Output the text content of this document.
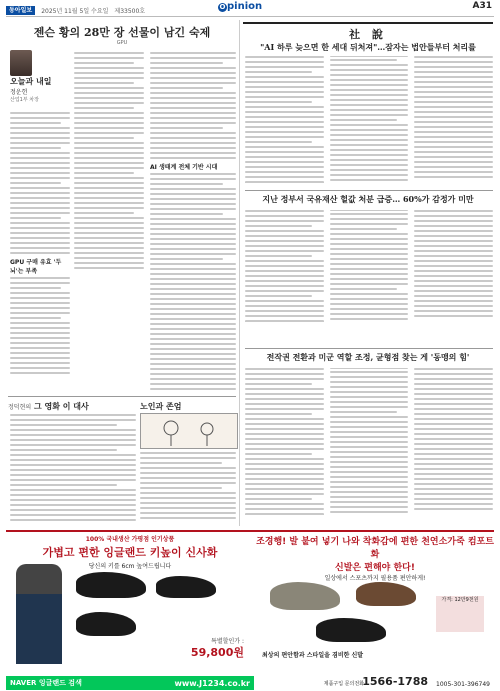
동아일보	2025년 11월 5일 수요일 제33500호	O pinion	A31
젠슨 황의 28만 장 선물이 남긴 숙제
GPU
오늘과 내일
정운헌
산업1부 차장
GPU 구매 유효 '두뇌'는 부족
AI 생태계 전체 기반 시대
정덕현의 그 영화 이 대사	노인과 존엄
社 說
"AI 하루 늦으면 한 세대 뒤처져"…잠자는 법안들부터 처리를
지난 정부서 국유재산 헐값 처분 급증… 60%가 감정가 미만
전작권 전환과 미군 역할 조정, 균형점 찾는 게 '동맹의 힘'
100% 국내생산 가평점 인기상품
가볍고 편한 잉글랜드 키높이 신사화
당신의 키를 6cm 높여드립니다
특별할인가 :
59,800원
NAVER 잉글랜드 검색	www.J1234.co.kr
조경행! 발 붙여 넣기 나와 착화감에 편한 천연소가죽 컴포트화
신발은 편해야 한다!
일상에서 스포츠까지 필용품 편안하게!
가격: 12만9천원
최상의 편안함과 스타일을 겸비한 신발
제품구입 문의전화
1566-1788 1005-301-396749
